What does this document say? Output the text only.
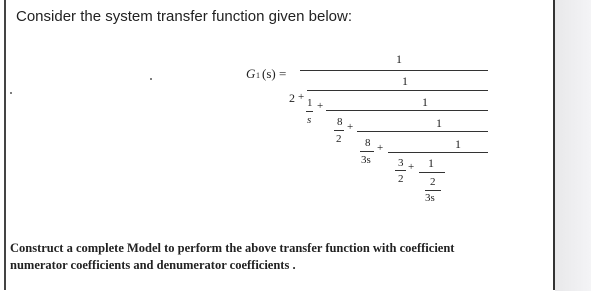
Consider the system transfer function given below:
G 1 (s) =
1
2 +
1
1
s
+	1
8
2
+	1
8
3s
+	1
3
2
+ 1
2
3s
Construct a complete Model to perform the above transfer function with coefficient
numerator coefficients and denumerator coefficients .
